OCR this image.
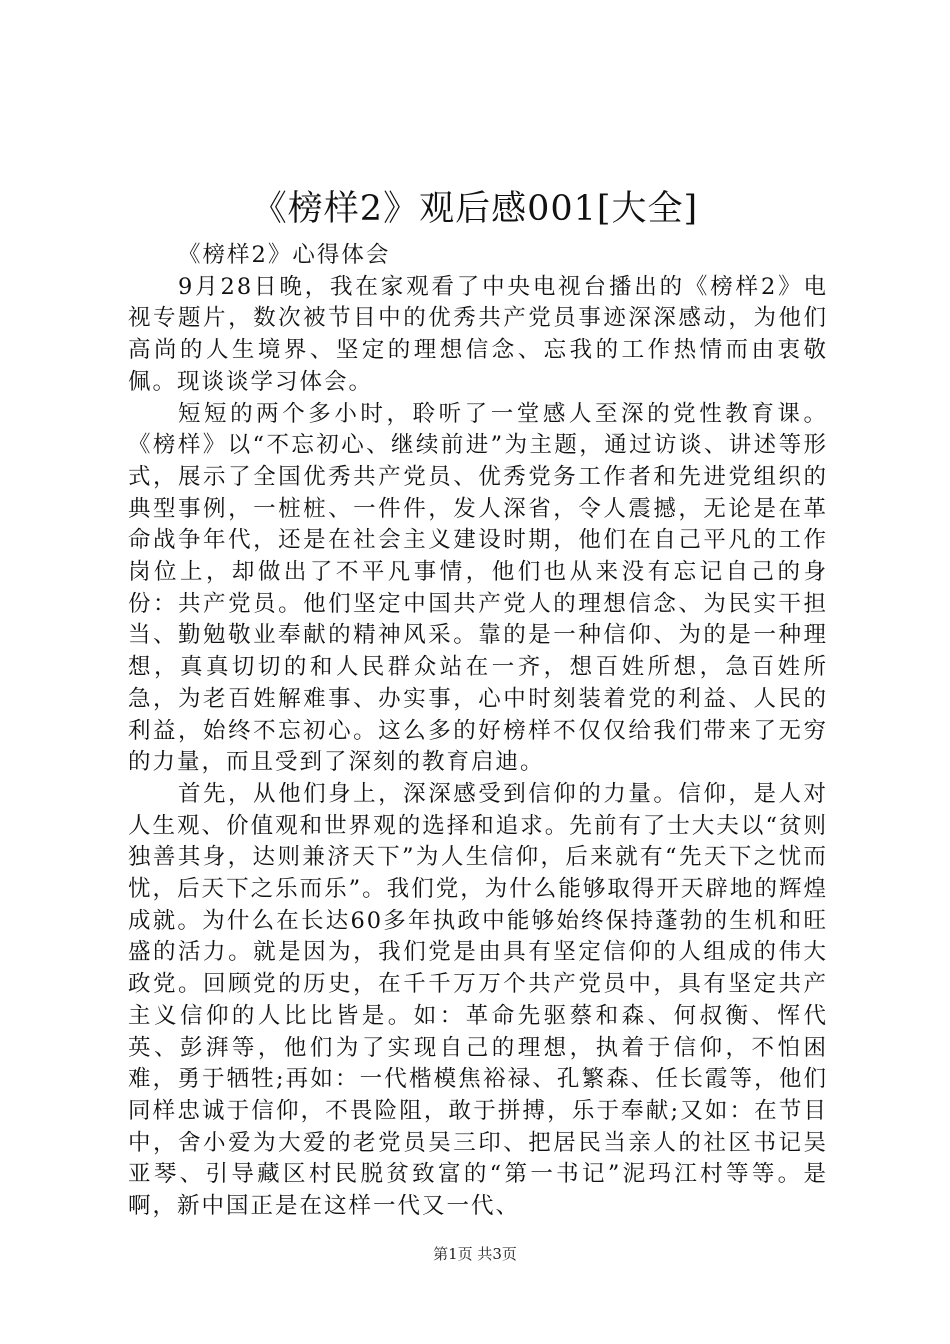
《榜样2》观后感001[大全]

《榜样2》心得体会

9月28日晚，我在家观看了中央电视台播出的《榜样2》电视专题片，数次被节目中的优秀共产党员事迹深深感动，为他们高尚的人生境界、坚定的理想信念、忘我的工作热情而由衷敬佩。现谈谈学习体会。

短短的两个多小时，聆听了一堂感人至深的党性教育课。《榜样》以“不忘初心、继续前进”为主题，通过访谈、讲述等形式，展示了全国优秀共产党员、优秀党务工作者和先进党组织的典型事例，一桩桩、一件件，发人深省，令人震撼，无论是在革命战争年代，还是在社会主义建设时期，他们在自己平凡的工作岗位上，却做出了不平凡事情，他们也从来没有忘记自己的身份：共产党员。他们坚定中国共产党人的理想信念、为民实干担当、勤勉敬业奉献的精神风采。靠的是一种信仰、为的是一种理想，真真切切的和人民群众站在一齐，想百姓所想，急百姓所急，为老百姓解难事、办实事，心中时刻装着党的利益、人民的利益，始终不忘初心。这么多的好榜样不仅仅给我们带来了无穷的力量，而且受到了深刻的教育启迪。

首先，从他们身上，深深感受到信仰的力量。信仰，是人对人生观、价值观和世界观的选择和追求。先前有了士大夫以“贫则独善其身，达则兼济天下”为人生信仰，后来就有“先天下之忧而忧，后天下之乐而乐”。我们党，为什么能够取得开天辟地的辉煌成就。为什么在长达60多年执政中能够始终保持蓬勃的生机和旺盛的活力。就是因为，我们党是由具有坚定信仰的人组成的伟大政党。回顾党的历史，在千千万万个共产党员中，具有坚定共产主义信仰的人比比皆是。如：革命先驱蔡和森、何叔衡、恽代英、彭湃等，他们为了实现自己的理想，执着于信仰，不怕困难，勇于牺牲;再如：一代楷模焦裕禄、孔繁森、任长霞等，他们同样忠诚于信仰，不畏险阻，敢于拼搏，乐于奉献;又如：在节目中，舍小爱为大爱的老党员吴三印、把居民当亲人的社区书记吴亚琴、引导藏区村民脱贫致富的“第一书记”泥玛江村等等。是啊，新中国正是在这样一代又一代、

第1页 共3页
